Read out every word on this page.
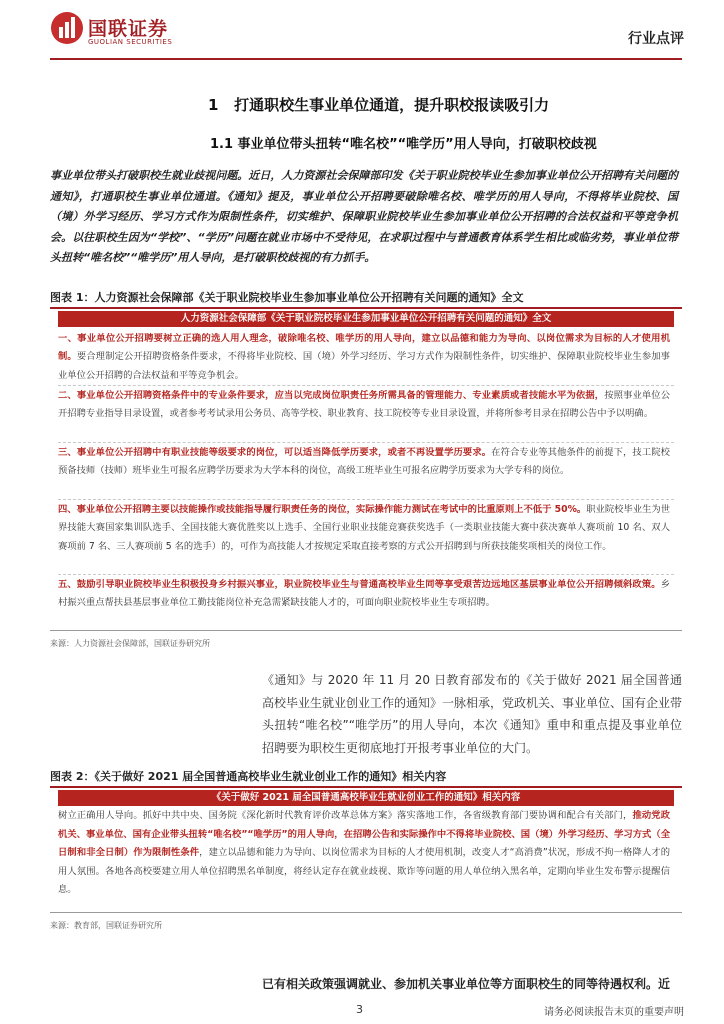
国联证券
GUOLIAN SECURITIES	行业点评
1   打通职校生事业单位通道，提升职校报读吸引力
1.1 事业单位带头扭转“唯名校”“唯学历”用人导向，打破职校歧视
事业单位带头打破职校生就业歧视问题。近日，人力资源社会保障部印发《关于职业院校毕业生参加事业单位公开招聘有关问题的通知》，打通职校生事业单位通道。《通知》提及，事业单位公开招聘要破除唯名校、唯学历的用人导向，不得将毕业院校、国（境）外学习经历、学习方式作为限制性条件，切实维护、保障职业院校毕业生参加事业单位公开招聘的合法权益和平等竞争机会。以往职校生因为“学校”、“学历”问题在就业市场中不受待见，在求职过程中与普通教育体系学生相比或临劣势，事业单位带头扭转“唯名校”“唯学历”用人导向，是打破职校歧视的有力抓手。
图表 1：人力资源社会保障部《关于职业院校毕业生参加事业单位公开招聘有关问题的通知》全文
人力资源社会保障部《关于职业院校毕业生参加事业单位公开招聘有关问题的通知》全文
一、事业单位公开招聘要树立正确的选人用人理念，破除唯名校、唯学历的用人导向，建立以品德和能力为导向、以岗位需求为目标的人才使用机制。要合理制定公开招聘资格条件要求，不得将毕业院校、国（境）外学习经历、学习方式作为限制性条件，切实维护、保障职业院校毕业生参加事业单位公开招聘的合法权益和平等竞争机会。
二、事业单位公开招聘资格条件中的专业条件要求，应当以完成岗位职责任务所需具备的管理能力、专业素质或者技能水平为依据，按照事业单位公开招聘专业指导目录设置，或者参考考试录用公务员、高等学校、职业教育、技工院校等专业目录设置，并将所参考目录在招聘公告中予以明确。
三、事业单位公开招聘中有职业技能等级要求的岗位，可以适当降低学历要求，或者不再设置学历要求。在符合专业等其他条件的前提下，技工院校预备技师（技师）班毕业生可报名应聘学历要求为大学本科的岗位，高级工班毕业生可报名应聘学历要求为大学专科的岗位。
四、事业单位公开招聘主要以技能操作或技能指导履行职责任务的岗位，实际操作能力测试在考试中的比重原则上不低于 50%。职业院校毕业生为世界技能大赛国家集训队选手、全国技能大赛优胜奖以上选手、全国行业职业技能竞赛获奖选手（一类职业技能大赛中获决赛单人赛项前 10 名、双人赛项前 7 名、三人赛项前 5 名的选手）的，可作为高技能人才按规定采取直接考察的方式公开招聘到与所获技能奖项相关的岗位工作。
五、鼓励引导职业院校毕业生积极投身乡村振兴事业，职业院校毕业生与普通高校毕业生同等享受艰苦边远地区基层事业单位公开招聘倾斜政策。乡村振兴重点帮扶县基层事业单位工勤技能岗位补充急需紧缺技能人才的，可面向职业院校毕业生专项招聘。
来源：人力资源社会保障部，国联证券研究所
《通知》与 2020 年 11 月 20 日教育部发布的《关于做好 2021 届全国普通高校毕业生就业创业工作的通知》一脉相承，党政机关、事业单位、国有企业带头扭转“唯名校”“唯学历”的用人导向，本次《通知》重申和重点提及事业单位招聘要为职校生更彻底地打开报考事业单位的大门。
图表 2：《关于做好 2021 届全国普通高校毕业生就业创业工作的通知》相关内容
《关于做好 2021 届全国普通高校毕业生就业创业工作的通知》相关内容
树立正确用人导向。抓好中共中央、国务院《深化新时代教育评价改革总体方案》落实落地工作，各省级教育部门要协调和配合有关部门，推动党政机关、事业单位、国有企业带头扭转“唯名校”“唯学历”的用人导向，在招聘公告和实际操作中不得将毕业院校、国（境）外学习经历、学习方式（全日制和非全日制）作为限制性条件，建立以品德和能力为导向、以岗位需求为目标的人才使用机制，改变人才“高消费”状况，形成不拘一格降人才的用人氛围。各地各高校要建立用人单位招聘黑名单制度，将经认定存在就业歧视、欺诈等问题的用人单位纳入黑名单，定期向毕业生发布警示提醒信息。
来源：教育部，国联证券研究所
已有相关政策强调就业、参加机关事业单位等方面职校生的同等待遇权利。近
3	请务必阅读报告末页的重要声明
